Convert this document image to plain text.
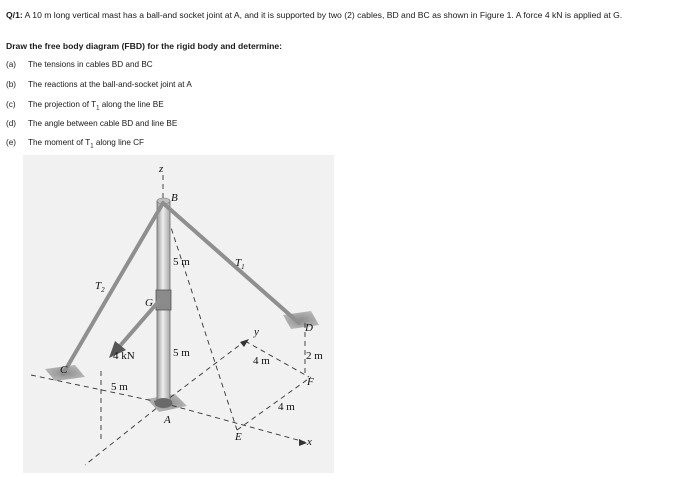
Q/1: A 10 m long vertical mast has a ball-and socket joint at A, and it is supported by two (2) cables, BD and BC as shown in Figure 1. A force 4 kN is applied at G.
Draw the free body diagram (FBD) for the rigid body and determine:
(a) The tensions in cables BD and BC
(b) The reactions at the ball-and-socket joint at A
(c) The projection of $T_1$ along the line BE
(d) The angle between cable BD and line BE
(e) The moment of $T_1$ along line CF
z
B
5 m	$T_1$
$T_2$
G
4 kN	5 m
y
4 m
D
2 m
C
5 m	F
4 m
A
E	x
